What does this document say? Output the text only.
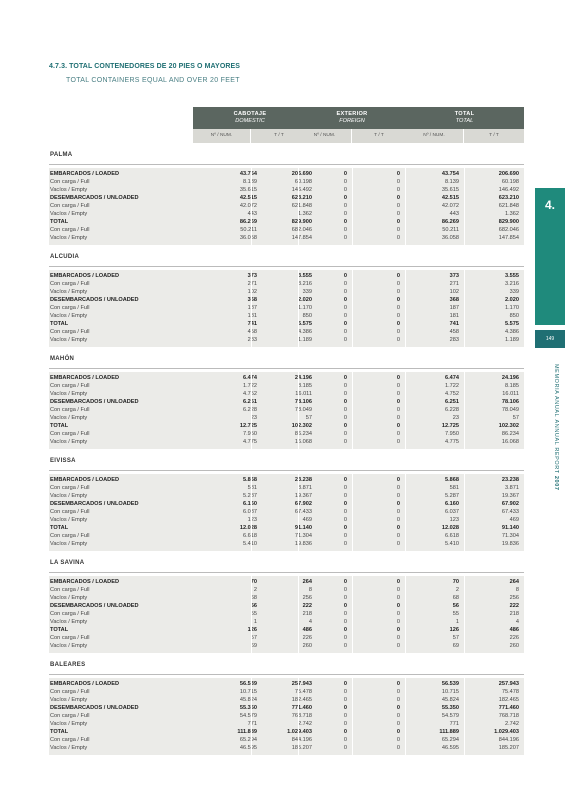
4.7.3. TOTAL CONTENEDORES DE 20 PIES O MAYORES
TOTAL CONTAINERS EQUAL AND OVER 20 FEET
CABOTAJE
DOMESTIC
EXTERIOR
FOREIGN
TOTAL
TOTAL
Nº / NUM.	T / T	Nº / NUM.	T / T	Nº / NUM.	T / T
PALMA
EMBARCADOS / LOADED	43.754	206.690	0	0	43.754	206.690
Con carga / Full	8.139	60.198	0	0	8.139	60.198
Vacíos / Empty	35.615	146.492	0	0	35.615	146.492
DESEMBARCADOS / UNLOADED	42.515	623.210	0	0	42.515	623.210
Con carga / Full	42.072	621.848	0	0	42.072	621.848
Vacíos / Empty	443	1.362	0	0	443	1.362
TOTAL	86.269	829.900	0	0	86.269	829.900
Con carga / Full	50.211	682.046	0	0	50.211	682.046
Vacíos / Empty	36.058	147.854	0	0	36.058	147.854
ALCUDIA
EMBARCADOS / LOADED	373	3.555	0	0	373	3.555
Con carga / Full	271	3.216	0	0	271	3.216
Vacíos / Empty	102	339	0	0	102	339
DESEMBARCADOS / UNLOADED	368	2.020	0	0	368	2.020
Con carga / Full	187	1.170	0	0	187	1.170
Vacíos / Empty	181	850	0	0	181	850
TOTAL	741	5.575	0	0	741	5.575
Con carga / Full	458	4.386	0	0	458	4.386
Vacíos / Empty	283	1.189	0	0	283	1.189
MAHÓN
EMBARCADOS / LOADED	6.474	24.196	0	0	6.474	24.196
Con carga / Full	1.722	8.185	0	0	1.722	8.185
Vacíos / Empty	4.752	16.011	0	0	4.752	16.011
DESEMBARCADOS / UNLOADED	6.251	78.106	0	0	6.251	78.106
Con carga / Full	6.228	78.049	0	0	6.228	78.049
Vacíos / Empty	23	57	0	0	23	57
TOTAL	12.725	102.302	0	0	12.725	102.302
Con carga / Full	7.950	86.234	0	0	7.950	86.234
Vacíos / Empty	4.775	16.068	0	0	4.775	16.068
EIVISSA
EMBARCADOS / LOADED	5.868	23.238	0	0	5.868	23.238
Con carga / Full	581	3.871	0	0	581	3.871
Vacíos / Empty	5.287	19.367	0	0	5.287	19.367
DESEMBARCADOS / UNLOADED	6.160	67.902	0	0	6.160	67.902
Con carga / Full	6.037	67.433	0	0	6.037	67.433
Vacíos / Empty	123	469	0	0	123	469
TOTAL	12.028	91.140	0	0	12.028	91.140
Con carga / Full	6.618	71.304	0	0	6.618	71.304
Vacíos / Empty	5.410	19.836	0	0	5.410	19.836
LA SAVINA
EMBARCADOS / LOADED	70	264	0	0	70	264
Con carga / Full	2	8	0	0	2	8
Vacíos / Empty	68	256	0	0	68	256
DESEMBARCADOS / UNLOADED	56	222	0	0	56	222
Con carga / Full	55	218	0	0	55	218
Vacíos / Empty	1	4	0	0	1	4
TOTAL	126	486	0	0	126	486
Con carga / Full	57	226	0	0	57	226
Vacíos / Empty	69	260	0	0	69	260
BALEARES
EMBARCADOS / LOADED	56.539	257.943	0	0	56.539	257.943
Con carga / Full	10.715	75.478	0	0	10.715	75.478
Vacíos / Empty	45.824	182.465	0	0	45.824	182.465
DESEMBARCADOS / UNLOADED	55.350	771.460	0	0	55.350	771.460
Con carga / Full	54.579	768.718	0	0	54.579	768.718
Vacíos / Empty	771	2.742	0	0	771	2.742
TOTAL	111.889	1.029.403	0	0	111.889	1.029.403
Con carga / Full	65.294	844.196	0	0	65.294	844.196
Vacíos / Empty	46.595	185.207	0	0	46.595	185.207
4.
149
MEMORIA ANUAL ANNUAL REPORT 2007
